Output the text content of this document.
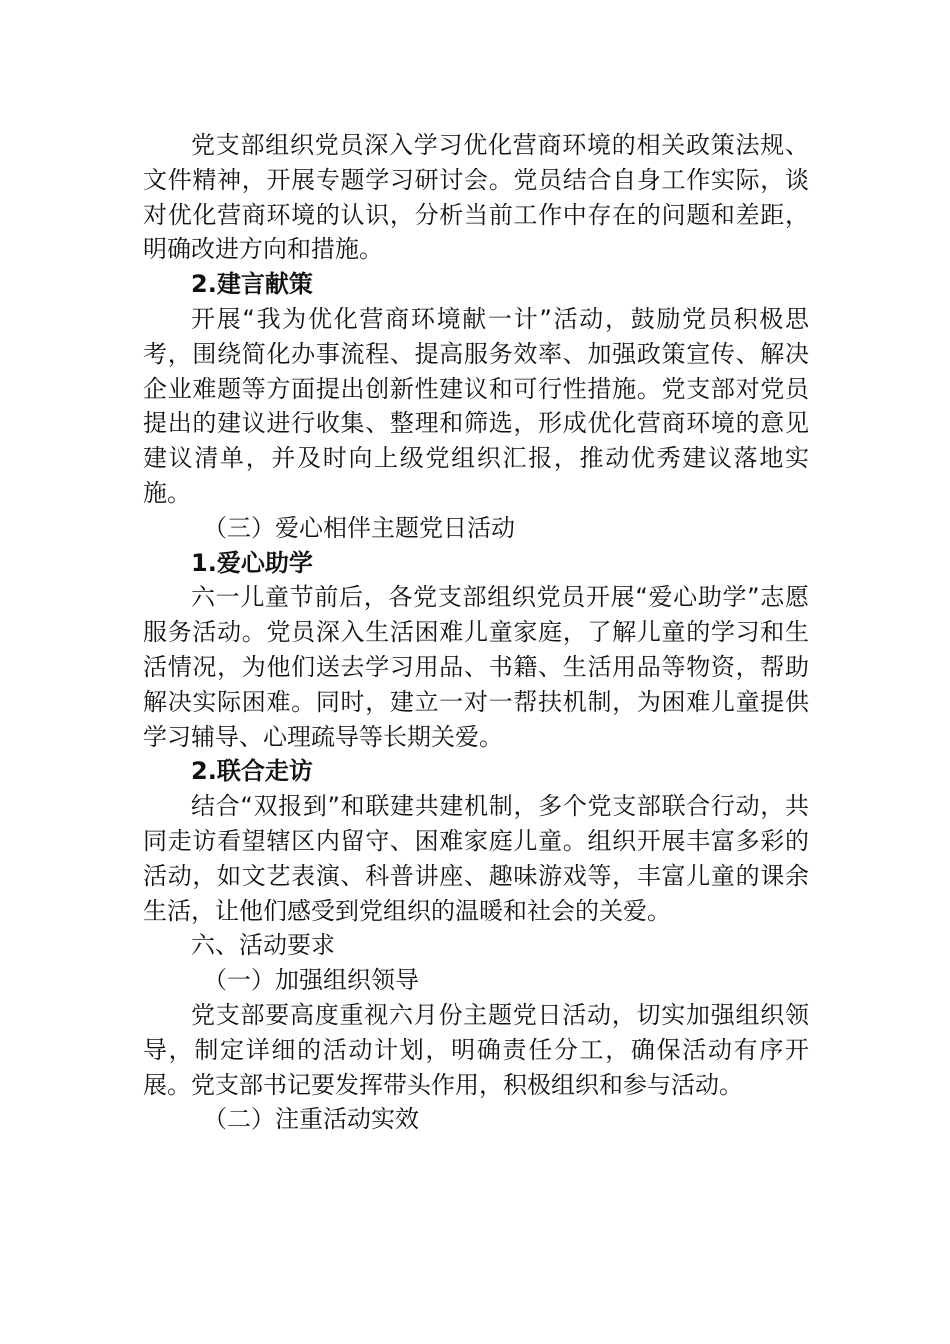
党支部组织党员深入学习优化营商环境的相关政策法规、文件精神，开展专题学习研讨会。党员结合自身工作实际，谈对优化营商环境的认识，分析当前工作中存在的问题和差距，明确改进方向和措施。

2.建言献策

开展“我为优化营商环境献一计”活动，鼓励党员积极思考，围绕简化办事流程、提高服务效率、加强政策宣传、解决企业难题等方面提出创新性建议和可行性措施。党支部对党员提出的建议进行收集、整理和筛选，形成优化营商环境的意见建议清单，并及时向上级党组织汇报，推动优秀建议落地实施。

（三）爱心相伴主题党日活动

1.爱心助学

六一儿童节前后，各党支部组织党员开展“爱心助学”志愿服务活动。党员深入生活困难儿童家庭，了解儿童的学习和生活情况，为他们送去学习用品、书籍、生活用品等物资，帮助解决实际困难。同时，建立一对一帮扶机制，为困难儿童提供学习辅导、心理疏导等长期关爱。

2.联合走访

结合“双报到”和联建共建机制，多个党支部联合行动，共同走访看望辖区内留守、困难家庭儿童。组织开展丰富多彩的活动，如文艺表演、科普讲座、趣味游戏等，丰富儿童的课余生活，让他们感受到党组织的温暖和社会的关爱。

六、活动要求

（一）加强组织领导

党支部要高度重视六月份主题党日活动，切实加强组织领导，制定详细的活动计划，明确责任分工，确保活动有序开展。党支部书记要发挥带头作用，积极组织和参与活动。

（二）注重活动实效
